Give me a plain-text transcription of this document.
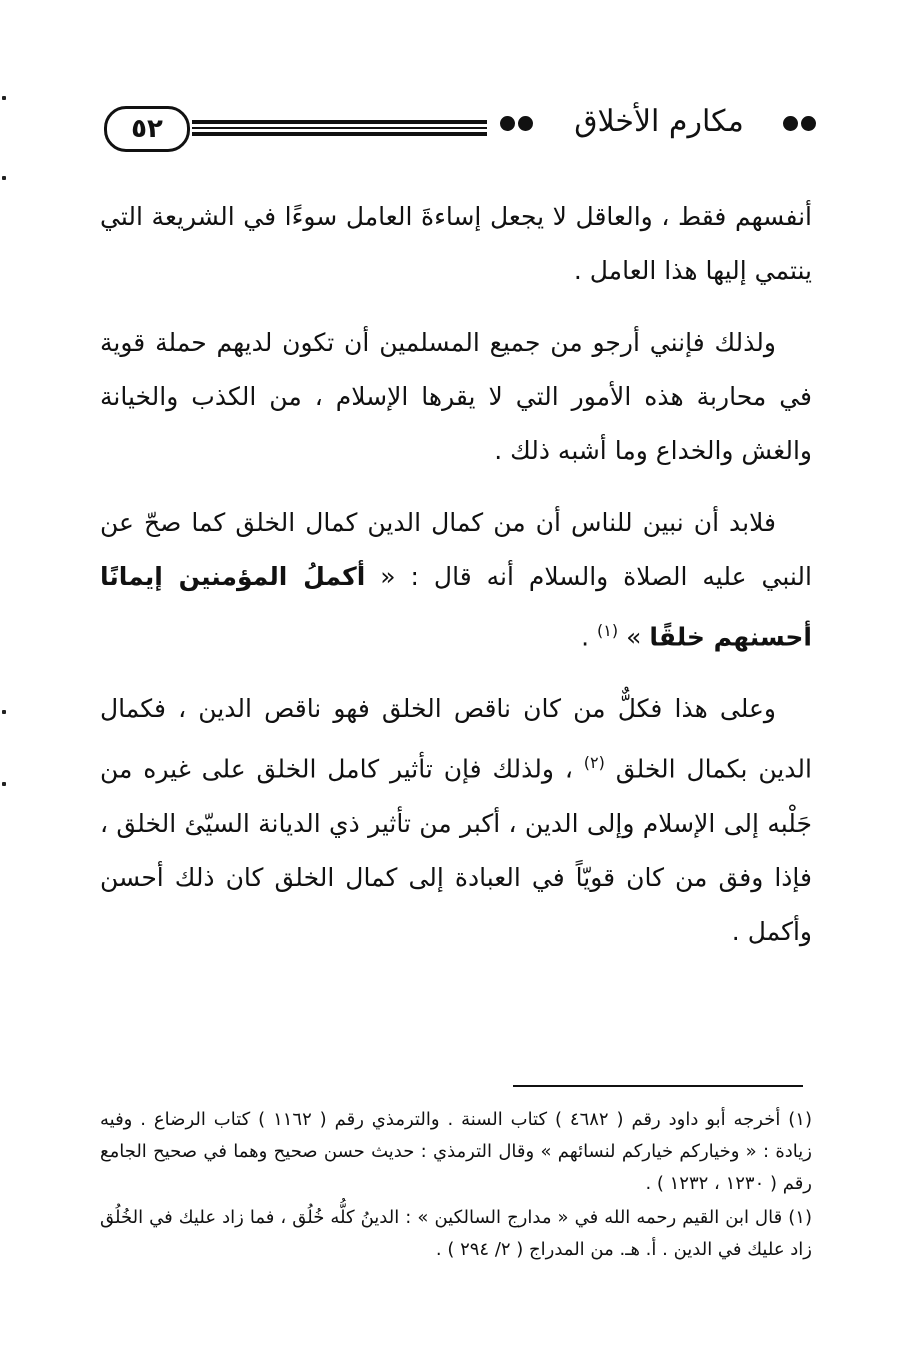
٥٢	مكارم الأخلاق

أنفسهم فقط ، والعاقل لا يجعل إساءةَ العامل سوءًا في الشريعة التي ينتمي إليها هذا العامل .

ولذلك فإنني أرجو من جميع المسلمين أن تكون لديهم حملة قوية في محاربة هذه الأمور التي لا يقرها الإسلام ، من الكذب والخيانة والغش والخداع وما أشبه ذلك .

فلابد أن نبين للناس أن من كمال الدين كمال الخلق كما صحّ عن النبي عليه الصلاة والسلام أنه قال : « أكملُ المؤمنين إيمانًا أحسنهم خلقًا » $^{(١)}$ .

وعلى هذا فكلٌّ من كان ناقص الخلق فهو ناقص الدين ، فكمال الدين بكمال الخلق $^{(٢)}$ ، ولذلك فإن تأثير كامل الخلق على غيره من جَلْبه إلى الإسلام وإلى الدين ، أكبر من تأثير ذي الديانة السيّئ الخلق ، فإذا وفق من كان قويّاً في العبادة إلى كمال الخلق كان ذلك أحسن وأكمل .

(١) أخرجه أبو داود رقم ( ٤٦٨٢ ) كتاب السنة . والترمذي رقم ( ١١٦٢ ) كتاب الرضاع . وفيه زيادة : « وخياركم خياركم لنسائهم » وقال الترمذي : حديث حسن صحيح وهما في صحيح الجامع رقم ( ١٢٣٠ ، ١٢٣٢ ) .

(١) قال ابن القيم رحمه الله في « مدارج السالكين » : الدينُ كلُّه خُلُق ، فما زاد عليك في الخُلُق زاد عليك في الدين . أ. هـ. من المدراج ( ٢/ ٢٩٤ ) .
